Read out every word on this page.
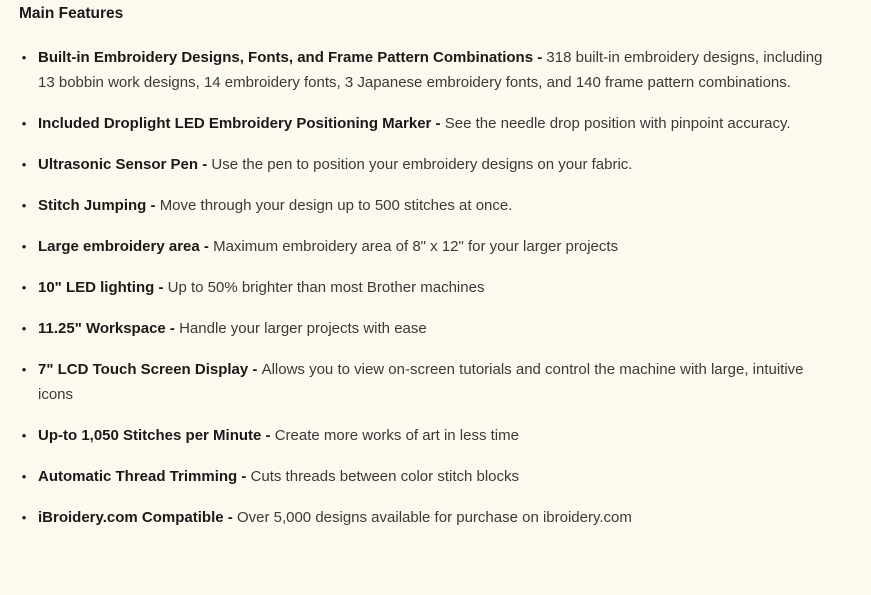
Main Features
• Built-in Embroidery Designs, Fonts, and Frame Pattern Combinations - 318 built-in embroidery designs, including 13 bobbin work designs, 14 embroidery fonts, 3 Japanese embroidery fonts, and 140 frame pattern combinations.
• Included Droplight LED Embroidery Positioning Marker - See the needle drop position with pinpoint accuracy.
• Ultrasonic Sensor Pen - Use the pen to position your embroidery designs on your fabric.
• Stitch Jumping - Move through your design up to 500 stitches at once.
• Large embroidery area - Maximum embroidery area of 8" x 12" for your larger projects
• 10" LED lighting - Up to 50% brighter than most Brother machines
• 11.25" Workspace - Handle your larger projects with ease
• 7" LCD Touch Screen Display - Allows you to view on-screen tutorials and control the machine with large, intuitive icons
• Up-to 1,050 Stitches per Minute - Create more works of art in less time
• Automatic Thread Trimming - Cuts threads between color stitch blocks
• iBroidery.com Compatible - Over 5,000 designs available for purchase on ibroidery.com
